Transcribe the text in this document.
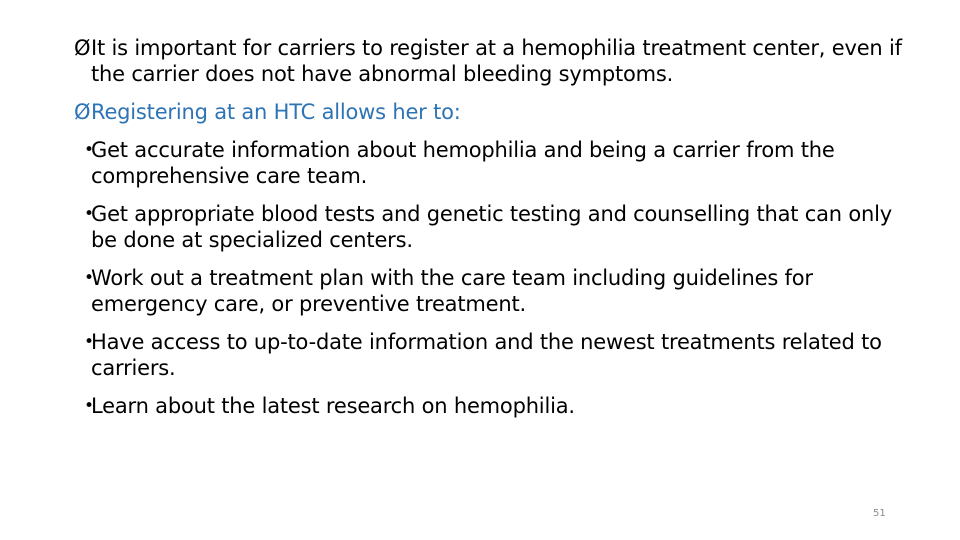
Ø It is important for carriers to register at a hemophilia treatment center, even if the carrier does not have abnormal bleeding symptoms.
Ø Registering at an HTC allows her to:
•
Get accurate information about hemophilia and being a carrier from the comprehensive care team.
•
Get appropriate blood tests and genetic testing and counselling that can only be done at specialized centers.
•
Work out a treatment plan with the care team including guidelines for emergency care, or preventive treatment.
•
Have access to up-to-date information and the newest treatments related to carriers.
•
Learn about the latest research on hemophilia.
51
